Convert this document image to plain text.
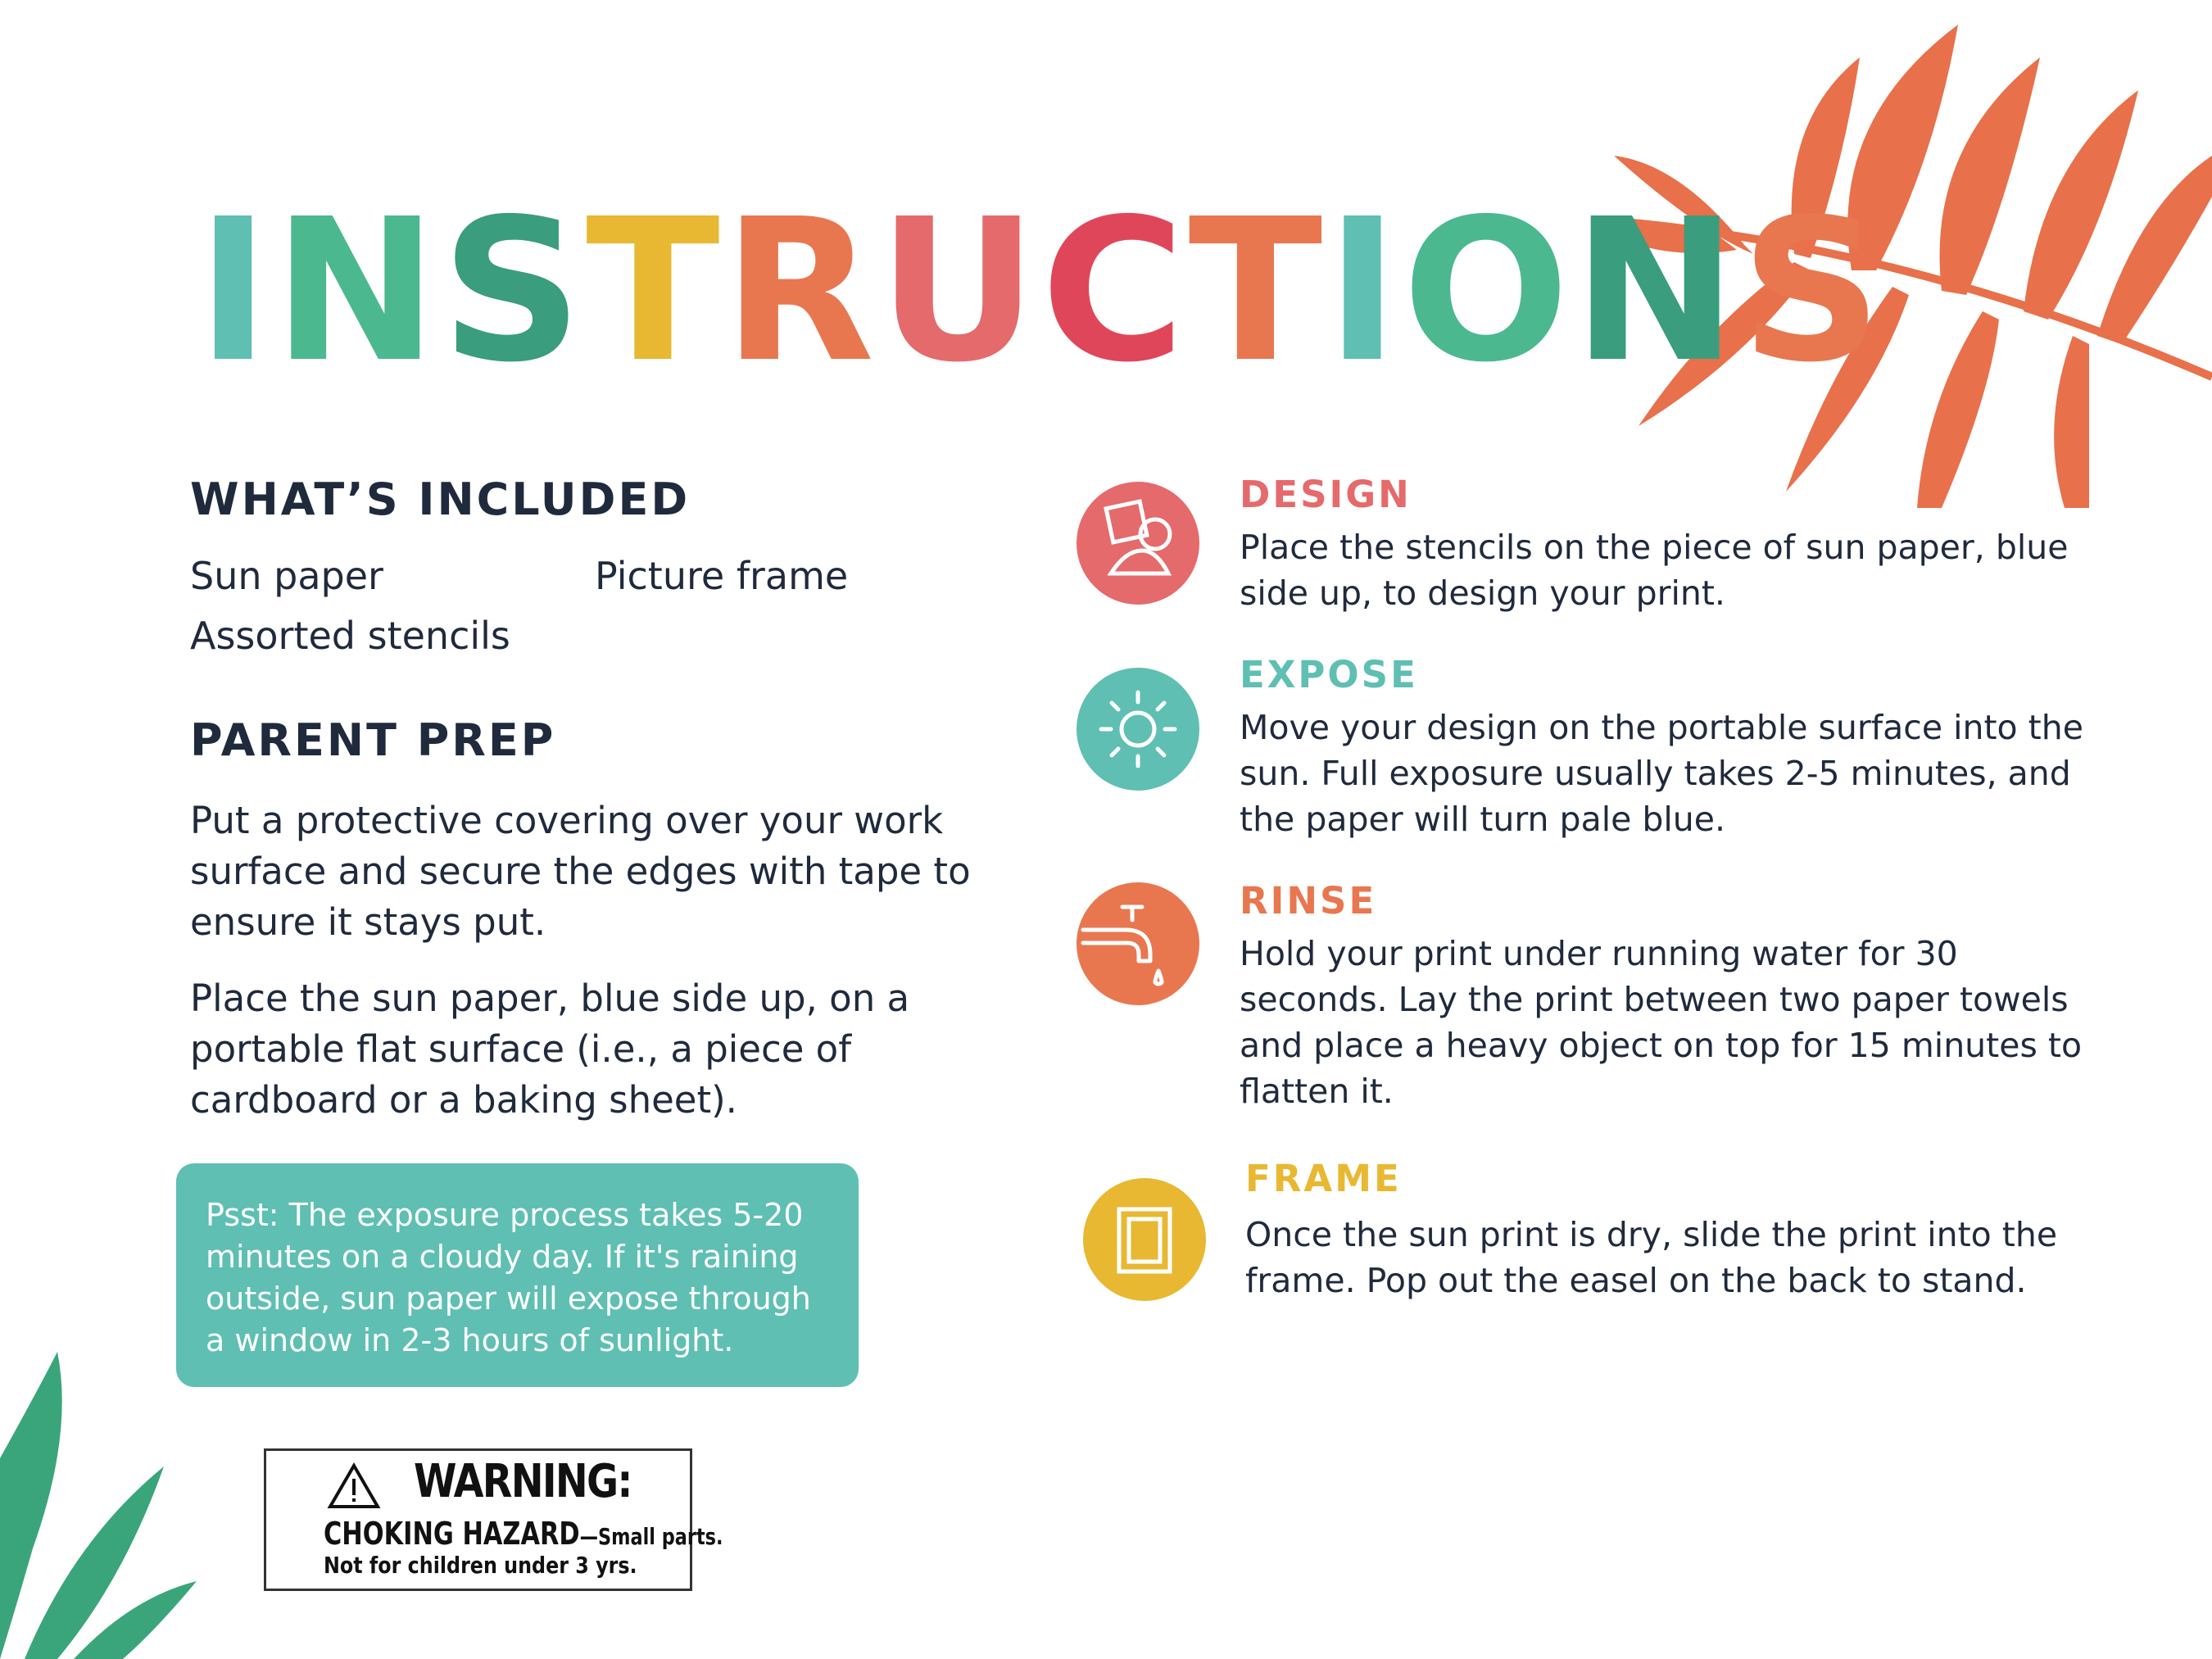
I N S T R U C T I O N S
WHAT’S INCLUDED
Sun paper	Picture frame
Assorted stencils
PARENT PREP

Put a protective covering over your work surface and secure the edges with tape to ensure it stays put.

Place the sun paper, blue side up, on a portable flat surface (i.e., a piece of cardboard or a baking sheet).

Psst: The exposure process takes 5-20 minutes on a cloudy day. If it's raining outside, sun paper will expose through a window in 2-3 hours of sunlight.
WARNING:
CHOKING HAZARD—Small parts.
Not for children under 3 yrs.
DESIGN

Place the stencils on the piece of sun paper, blue side up, to design your print.

EXPOSE

Move your design on the portable surface into the sun. Full exposure usually takes 2-5 minutes, and the paper will turn pale blue.

RINSE

Hold your print under running water for 30 seconds. Lay the print between two paper towels and place a heavy object on top for 15 minutes to flatten it.

FRAME

Once the sun print is dry, slide the print into the frame. Pop out the easel on the back to stand.
